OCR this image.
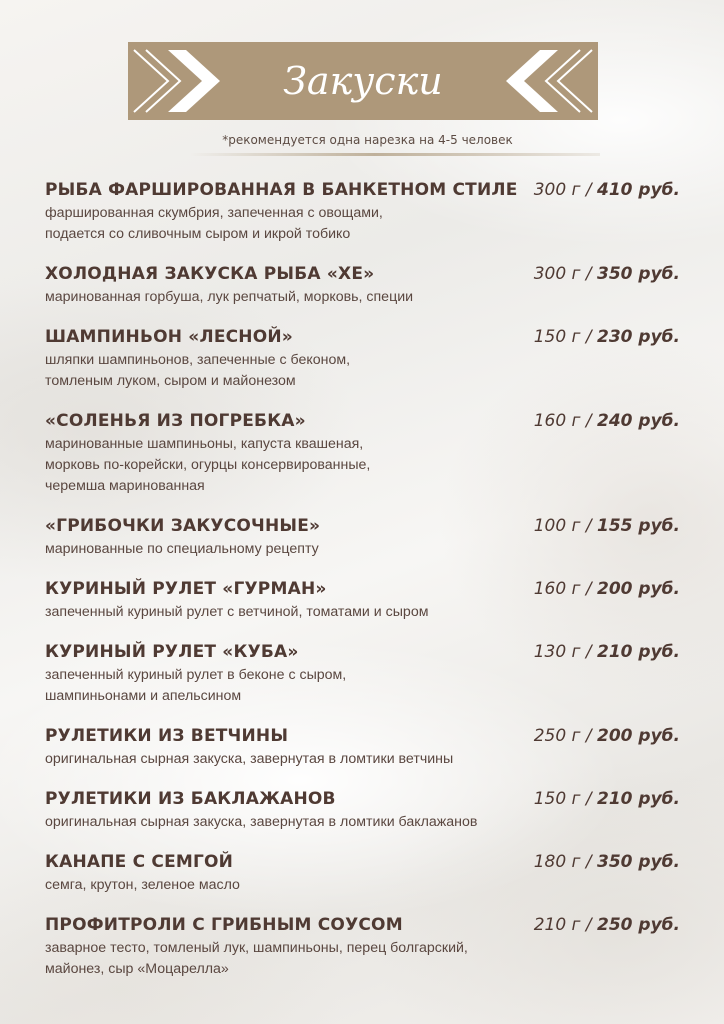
Закуски
*рекомендуется одна нарезка на 4-5 человек
РЫБА ФАРШИРОВАННАЯ В БАНКЕТНОМ СТИЛЕ 300 г / 410 руб.
фаршированная скумбрия, запеченная с овощами,
подается со сливочным сыром и икрой тобико
ХОЛОДНАЯ ЗАКУСКА РЫБА «ХЕ»	300 г / 350 руб.
маринованная горбуша, лук репчатый, морковь, специи
ШАМПИНЬОН «ЛЕСНОЙ»	150 г / 230 руб.
шляпки шампиньонов, запеченные с беконом,
томленым луком, сыром и майонезом
«СОЛЕНЬЯ ИЗ ПОГРЕБКА»	160 г / 240 руб.
маринованные шампиньоны, капуста квашеная,
морковь по-корейски, огурцы консервированные,
черемша маринованная
«ГРИБОЧКИ ЗАКУСОЧНЫЕ»	100 г / 155 руб.
маринованные по специальному рецепту
КУРИНЫЙ РУЛЕТ «ГУРМАН»	160 г / 200 руб.
запеченный куриный рулет с ветчиной, томатами и сыром
КУРИНЫЙ РУЛЕТ «КУБА»	130 г / 210 руб.
запеченный куриный рулет в беконе с сыром,
шампиньонами и апельсином
РУЛЕТИКИ ИЗ ВЕТЧИНЫ	250 г / 200 руб.
оригинальная сырная закуска, завернутая в ломтики ветчины
РУЛЕТИКИ ИЗ БАКЛАЖАНОВ	150 г / 210 руб.
оригинальная сырная закуска, завернутая в ломтики баклажанов
КАНАПЕ С СЕМГОЙ	180 г / 350 руб.
семга, крутон, зеленое масло
ПРОФИТРОЛИ С ГРИБНЫМ СОУСОМ	210 г / 250 руб.
заварное тесто, томленый лук, шампиньоны, перец болгарский,
майонез, сыр «Моцарелла»
